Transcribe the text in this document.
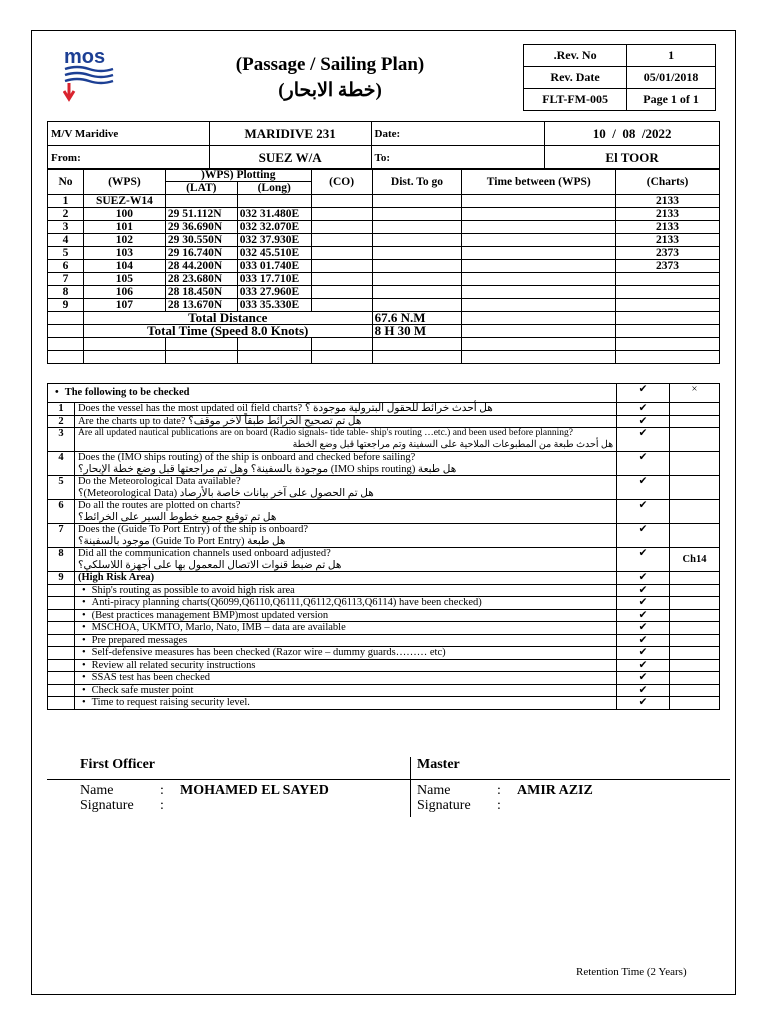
mos	(Passage / Sailing Plan)
(خطة الابحار)
.Rev. No	1
Rev. Date	05/01/2018
FLT-FM-005	Page 1 of 1
M/V Maridive	MARIDIVE 231	Date:	10  /  08  /2022
From:	SUEZ W/A	To:	El TOOR
No	(WPS)	)WPS) Plotting		(CO)	Dist. To go	Time between (WPS)	(Charts)
		(LAT)	(Long)				
1	SUEZ-W14						2133
2	100	29 51.112N	032 31.480E				2133
3	101	29 36.690N	032 32.070E				2133
4	102	29 30.550N	032 37.930E				2133
5	103	29 16.740N	032 45.510E				2373
6	104	28 44.200N	033 01.740E				2373
7	105	28 23.680N	033 17.710E				
8	106	28 18.450N	033 27.960E				
9	107	28 13.670N	033 35.330E				
	Total Distance				67.6 N.M		
	Total Time (Speed 8.0 Knots)				8 H 30 M		

• The following to be checked		✔	×
1	Does the vessel has the most updated oil field charts? هل أحدث خرائط للحقول البترولية موجودة ؟	✔	
2	Are the charts up to date? هل تم تصحيح الخرائط طبقاً لآخر موقف؟	✔	
3	Are all updated nautical publications are on board (Radio signals- tide table- ship's routing …etc.) and been used before planning?
هل أحدث طبعة من المطبوعات الملاحية على السفينة وتم مراجعتها قبل وضع الخطة	✔	
4	Does the (IMO ships routing) of the ship is onboard and checked before sailing?
هل طبعة (IMO ships routing) موجودة بالسفينة؟ وهل تم مراجعتها قبل وضع خطة الإبحار؟	✔	
5	Do the Meteorological Data available?
هل تم الحصول على آخر بيانات خاصة بالأرصاد (Meteorological Data)؟	✔	
6	Do all the routes are plotted on charts?
هل تم توقيع جميع خطوط السير على الخرائط؟	✔	
7	Does the (Guide To Port Entry) of the ship is onboard?
هل طبعة (Guide To Port Entry) موجود بالسفينة؟	✔	
8	Did all the communication channels used onboard adjusted?
هل تم ضبط قنوات الاتصال المعمول بها على أجهزة اللاسلكي؟	✔	Ch14
9	(High Risk Area)	✔	
	• Ship's routing as possible to avoid high risk area	✔	
	• Anti-piracy planning charts(Q6099,Q6110,Q6111,Q6112,Q6113,Q6114) have been checked)	✔	
	• (Best practices management BMP)most updated version	✔	
	• MSCHOA, UKMTO, Marlo, Nato, IMB – data are available	✔	
	• Pre prepared messages	✔	
	• Self-defensive measures has been checked (Razor wire – dummy guards……… etc)	✔	
	• Review all related security instructions	✔	
	• SSAS test has been checked	✔	
	• Check safe muster point	✔	
	• Time to request raising security level.	✔	
First Officer
Name	: MOHAMED EL SAYED
Signature :
Master
Name	: AMIR AZIZ
Signature :
Retention Time (2 Years)
